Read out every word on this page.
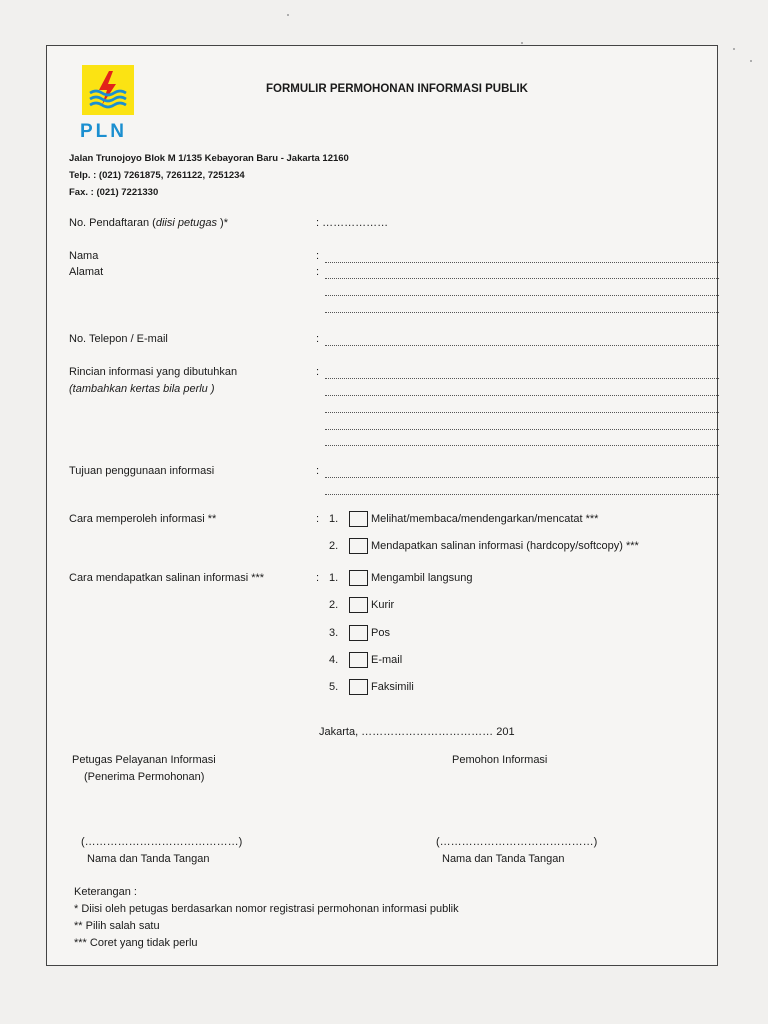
PLN
FORMULIR PERMOHONAN INFORMASI PUBLIK
Jalan Trunojoyo Blok M 1/135 Kebayoran Baru - Jakarta 12160
Telp. : (021) 7261875, 7261122, 7251234
Fax. : (021) 7221330
No. Pendaftaran (diisi petugas )*	: ………………
Nama	:
Alamat	:
No. Telepon / E-mail	:
Rincian informasi yang dibutuhkan
(tambahkan kertas bila perlu )
:
Tujuan penggunaan informasi	:
Cara memperoleh informasi **	: 1.	Melihat/membaca/mendengarkan/mencatat ***
2.	Mendapatkan salinan informasi (hardcopy/softcopy) ***
Cara mendapatkan salinan informasi ***	: 1.	Mengambil langsung
2.	Kurir
3.	Pos
4.	E-mail
5.	Faksimili
Jakarta, ……………………………… 201
Petugas Pelayanan Informasi
(Penerima Permohonan)
Pemohon Informasi
(……………………………………)	(……………………………………)
Nama dan Tanda Tangan	Nama dan Tanda Tangan
Keterangan :
* Diisi oleh petugas berdasarkan nomor registrasi permohonan informasi publik
** Pilih salah satu
*** Coret yang tidak perlu
